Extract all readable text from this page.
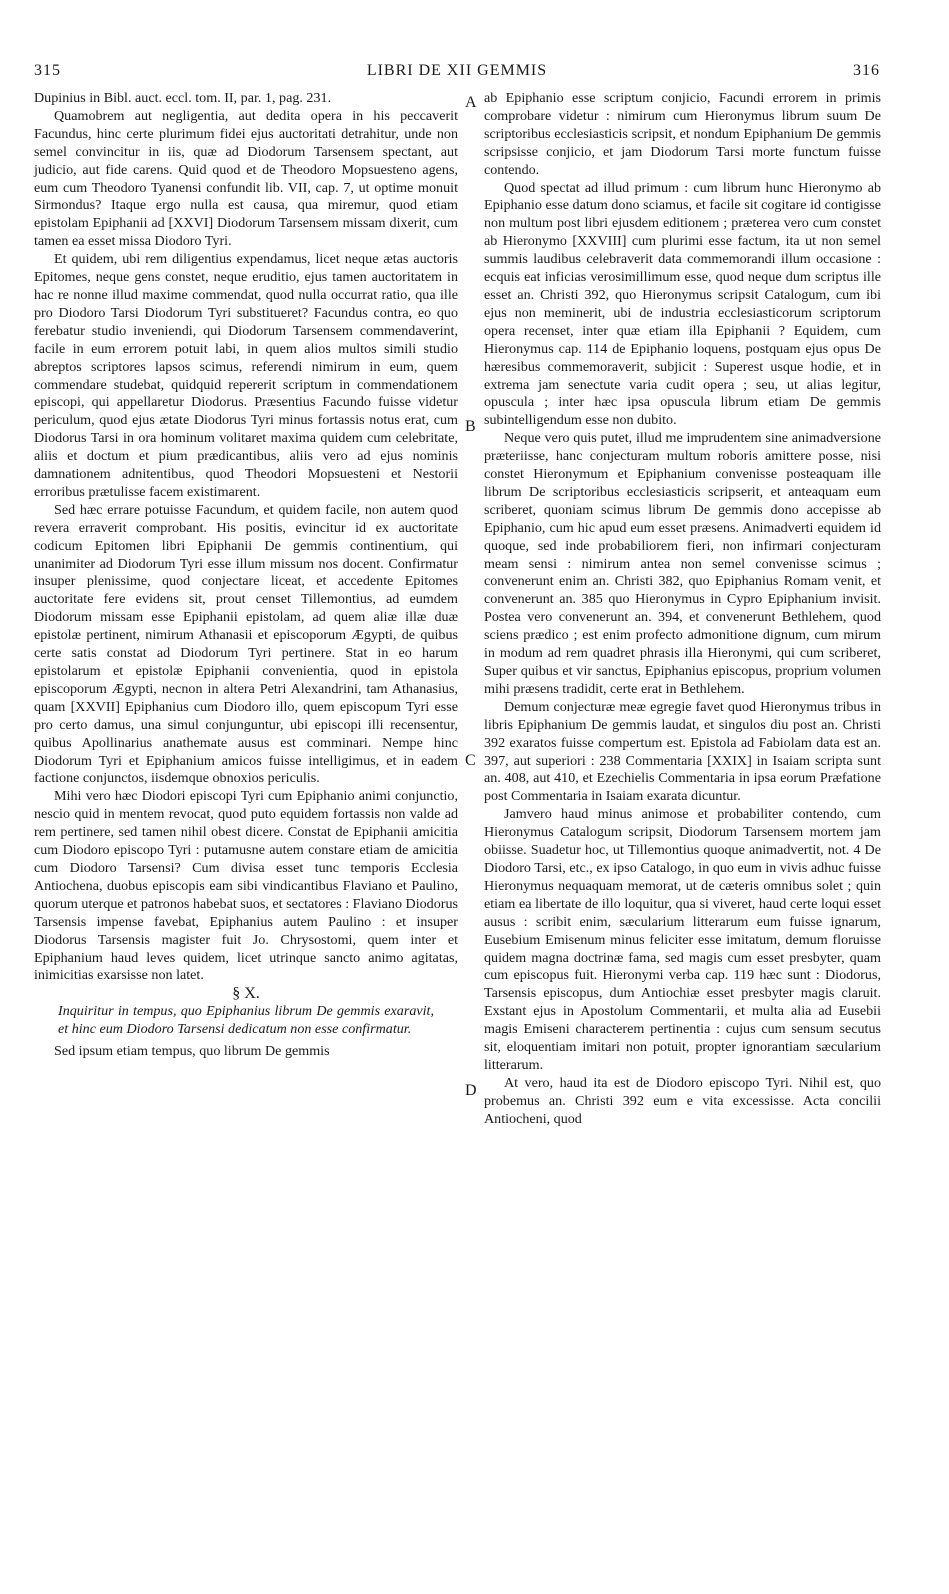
315	LIBRI DE XII GEMMIS	316

Dupinius in Bibl. auct. eccl. tom. II, par. 1, pag. 231.

Quamobrem aut negligentia, aut dedita opera in his peccaverit Facundus, hinc certe plurimum fidei ejus auctoritati detrahitur, unde non semel convincitur in iis, quæ ad Diodorum Tarsensem spectant, aut judicio, aut fide carens. Quid quod et de Theodoro Mopsuesteno agens, eum cum Theodoro Tyanensi confundit lib. VII, cap. 7, ut optime monuit Sirmondus? Itaque ergo nulla est causa, qua miremur, quod etiam epistolam Epiphanii ad [XXVI] Diodorum Tarsensem missam dixerit, cum tamen ea esset missa Diodoro Tyri.

Et quidem, ubi rem diligentius expendamus, licet neque ætas auctoris Epitomes, neque gens constet, neque eruditio, ejus tamen auctoritatem in hac re nonne illud maxime commendat, quod nulla occurrat ratio, qua ille pro Diodoro Tarsi Diodorum Tyri substitueret? Facundus contra, eo quo ferebatur studio inveniendi, qui Diodorum Tarsensem commendaverint, facile in eum errorem potuit labi, in quem alios multos simili studio abreptos scriptores lapsos scimus, referendi nimirum in eum, quem commendare studebat, quidquid repererit scriptum in commendationem episcopi, qui appellaretur Diodorus. Præsentius Facundo fuisse videtur periculum, quod ejus ætate Diodorus Tyri minus fortassis notus erat, cum Diodorus Tarsi in ora hominum volitaret maxima quidem cum celebritate, aliis et doctum et pium prædicantibus, aliis vero ad ejus nominis damnationem adnitentibus, quod Theodori Mopsuesteni et Nestorii erroribus prætulisse facem existimarent.

Sed hæc errare potuisse Facundum, et quidem facile, non autem quod revera erraverit comprobant. His positis, evincitur id ex auctoritate codicum Epitomen libri Epiphanii De gemmis continentium, qui unanimiter ad Diodorum Tyri esse illum missum nos docent. Confirmatur insuper plenissime, quod conjectare liceat, et accedente Epitomes auctoritate fere evidens sit, prout censet Tillemontius, ad eumdem Diodorum missam esse Epiphanii epistolam, ad quem aliæ illæ duæ epistolæ pertinent, nimirum Athanasii et episcoporum Ægypti, de quibus certe satis constat ad Diodorum Tyri pertinere. Stat in eo harum epistolarum et epistolæ Epiphanii convenientia, quod in epistola episcoporum Ægypti, necnon in altera Petri Alexandrini, tam Athanasius, quam [XXVII] Epiphanius cum Diodoro illo, quem episcopum Tyri esse pro certo damus, una simul conjunguntur, ubi episcopi illi recensentur, quibus Apollinarius anathemate ausus est comminari. Nempe hinc Diodorum Tyri et Epiphanium amicos fuisse intelligimus, et in eadem factione conjunctos, iisdemque obnoxios periculis.

Mihi vero hæc Diodori episcopi Tyri cum Epiphanio animi conjunctio, nescio quid in mentem revocat, quod puto equidem fortassis non valde ad rem pertinere, sed tamen nihil obest dicere. Constat de Epiphanii amicitia cum Diodoro episcopo Tyri : putamusne autem constare etiam de amicitia cum Diodoro Tarsensi? Cum divisa esset tunc temporis Ecclesia Antiochena, duobus episcopis eam sibi vindicantibus Flaviano et Paulino, quorum uterque et patronos habebat suos, et sectatores : Flaviano Diodorus Tarsensis impense favebat, Epiphanius autem Paulino : et insuper Diodorus Tarsensis magister fuit Jo. Chrysostomi, quem inter et Epiphanium haud leves quidem, licet utrinque sancto animo agitatas, inimicitias exarsisse non latet.

§ X.

Inquiritur in tempus, quo Epiphanius librum De gemmis exaravit, et hinc eum Diodoro Tarsensi dedicatum non esse confirmatur.

Sed ipsum etiam tempus, quo librum De gemmis

ab Epiphanio esse scriptum conjicio, Facundi errorem in primis comprobare videtur : nimirum cum Hieronymus librum suum De scriptoribus ecclesiasticis scripsit, et nondum Epiphanium De gemmis scripsisse conjicio, et jam Diodorum Tarsi morte functum fuisse contendo.

Quod spectat ad illud primum : cum librum hunc Hieronymo ab Epiphanio esse datum dono sciamus, et facile sit cogitare id contigisse non multum post libri ejusdem editionem ; præterea vero cum constet ab Hieronymo [XXVIII] cum plurimi esse factum, ita ut non semel summis laudibus celebraverit data commemorandi illum occasione : ecquis eat inficias verosimillimum esse, quod neque dum scriptus ille esset an. Christi 392, quo Hieronymus scripsit Catalogum, cum ibi ejus non meminerit, ubi de industria ecclesiasticorum scriptorum opera recenset, inter quæ etiam illa Epiphanii ? Equidem, cum Hieronymus cap. 114 de Epiphanio loquens, postquam ejus opus De hæresibus commemoraverit, subjicit : Superest usque hodie, et in extrema jam senectute varia cudit opera ; seu, ut alias legitur, opuscula ; inter hæc ipsa opuscula librum etiam De gemmis subintelligendum esse non dubito.

Neque vero quis putet, illud me imprudentem sine animadversione præteriisse, hanc conjecturam multum roboris amittere posse, nisi constet Hieronymum et Epiphanium convenisse posteaquam ille librum De scriptoribus ecclesiasticis scripserit, et anteaquam eum scriberet, quoniam scimus librum De gemmis dono accepisse ab Epiphanio, cum hic apud eum esset præsens. Animadverti equidem id quoque, sed inde probabiliorem fieri, non infirmari conjecturam meam sensi : nimirum antea non semel convenisse scimus ; convenerunt enim an. Christi 382, quo Epiphanius Romam venit, et convenerunt an. 385 quo Hieronymus in Cypro Epiphanium invisit. Postea vero convenerunt an. 394, et convenerunt Bethlehem, quod sciens prædico ; est enim profecto admonitione dignum, cum mirum in modum ad rem quadret phrasis illa Hieronymi, qui cum scriberet, Super quibus et vir sanctus, Epiphanius episcopus, proprium volumen mihi præsens tradidit, certe erat in Bethlehem.

Demum conjecturæ meæ egregie favet quod Hieronymus tribus in libris Epiphanium De gemmis laudat, et singulos diu post an. Christi 392 exaratos fuisse compertum est. Epistola ad Fabiolam data est an. 397, aut superiori : 238 Commentaria [XXIX] in Isaiam scripta sunt an. 408, aut 410, et Ezechielis Commentaria in ipsa eorum Præfatione post Commentaria in Isaiam exarata dicuntur.

Jamvero haud minus animose et probabiliter contendo, cum Hieronymus Catalogum scripsit, Diodorum Tarsensem mortem jam obiisse. Suadetur hoc, ut Tillemontius quoque animadvertit, not. 4 De Diodoro Tarsi, etc., ex ipso Catalogo, in quo eum in vivis adhuc fuisse Hieronymus nequaquam memorat, ut de cæteris omnibus solet ; quin etiam ea libertate de illo loquitur, qua si viveret, haud certe loqui esset ausus : scribit enim, sæcularium litterarum eum fuisse ignarum, Eusebium Emisenum minus feliciter esse imitatum, demum floruisse quidem magna doctrinæ fama, sed magis cum esset presbyter, quam cum episcopus fuit. Hieronymi verba cap. 119 hæc sunt : Diodorus, Tarsensis episcopus, dum Antiochiæ esset presbyter magis claruit. Exstant ejus in Apostolum Commentarii, et multa alia ad Eusebii magis Emiseni characterem pertinentia : cujus cum sensum secutus sit, eloquentiam imitari non potuit, propter ignorantiam sæcularium litterarum.

At vero, haud ita est de Diodoro episcopo Tyri. Nihil est, quo probemus an. Christi 392 eum e vita excessisse. Acta concilii Antiocheni, quod

A
B
C
D
